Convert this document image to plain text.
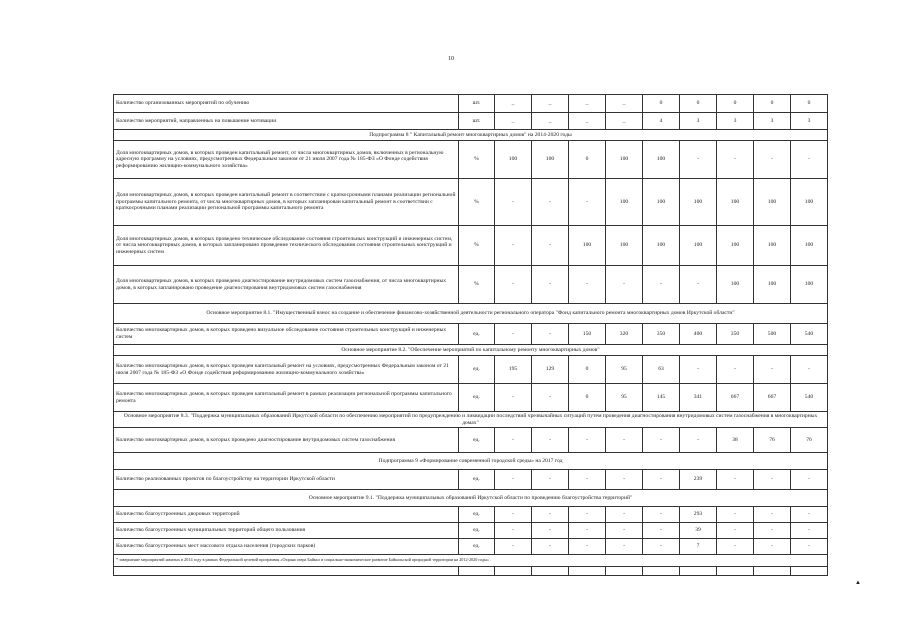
10
Количество организованных мероприятий по обучению	шт.	_	_	_	_	0	0	0	0	0
Количество мероприятий, направленных на повышение мотивации	шт.	_	_	_	_	4	3	3	3	3
Подпрограмма 8 " Капитальный ремонт многоквартирных домов" на 2014-2020 годы										
Доля многоквартирных домов, в которых проведен капитальный ремонт, от числа многоквартирных домов, включенных в региональную адресную программу на условиях, предусмотренных Федеральным законом от 21 июля 2007 года № 185-ФЗ «О Фонде содействия реформированию жилищно-коммунального хозяйства»	%	100	100	0	100	100	-	-	-	-
Доля многоквартирных домов, в которых проведен капитальный ремонт в соответствии с краткосрочными планами реализации региональной программы капитального ремонта, от числа многоквартирных домов, в которых запланирован капитальный ремонт в соответствии с краткосрочными планами реализации региональной программы капитального ремонта	%	-	-	-	100	100	100	100	100	100
Доля многоквартирных домов, в которых проведено техническое обследование состояния строительных конструкций и инженерных систем, от числа многоквартирных домов, в которых запланировано проведение технического обследования состояния строительных конструкций и инженерных систем	%	-	-	100	100	100	100	100	100	100
Доля многоквартирных домов, в которых проведено диагностирование внутридомовых систем газоснабжения, от числа многоквартирных домов, в которых запланировано проведение диагностирования внутридомовых систем газоснабжения	%	-	-	-	-	-	-	100	100	100
Основное мероприятие 8.1. "Имущественный взнос на создание и обеспечение финансово-хозяйственной деятельности регионального оператора "Фонд капитального ремонта многоквартирных домов Иркутской области"										
Количество многоквартирных домов, в которых проведено визуальное обследование состояния строительных конструкций и инженерных систем	ед.	-	-	150	320	350	400	350	500	540
Основное мероприятие 8.2. "Обеспечение мероприятий по капитальному ремонту многоквартирных домов"										
Количество многоквартирных домов, в которых проведен капитальный ремонт на условиях, предусмотренных Федеральным законом от 21 июля 2007 года № 185-ФЗ «О Фонде содействия реформированию жилищно-коммунального хозяйства»	ед.	195	129	0	95	63	-	-	-	-
Количество многоквартирных домов, в которых проведен капитальный ремонт в рамках реализации региональной программы капитального ремонта	ед.	-	-	0	95	145	341	667	667	540
Основное мероприятие 8.3. "Поддержка муниципальных образований Иркутской области по обеспечению мероприятий по предупреждению и ликвидации последствий чрезвычайных ситуаций путем проведения диагностирования внутридомовых систем газоснабжения в многоквартирных домах"										
Количество многоквартирных домов, в которых проведено диагностирование внутридомовых систем газоснабжения	ед.	-	-	-	-	-	-	38	76	76
Подпрограмма 9 «Формирование современной городской среды» на 2017 год										
Количество реализованных проектов по благоустройству на территории Иркутской области	ед.	-	-	-	-	-	239	-	-	-
Основное мероприятие 9.1. "Поддержка муниципальных образований Иркутской области по проведению благоустройства территорий"										
Количество благоустроенных дворовых территорий	ед.	-	-	-	-	-	293	-	-	-
Количество благоустроенных муниципальных территорий общего пользования	ед.	-	-	-	-	-	39	-	-	-
Количество благоустроенных мест массового отдыха населения (городских парков)	ед.	-	-	-	-	-	7	-	-	-
* завершение мероприятий начатых в 2014 году в рамках Федеральной целевой программы «Охрана озера Байкал и социально-экономическое развитие Байкальской природной территории на 2012-2020 годы» .										

▲
